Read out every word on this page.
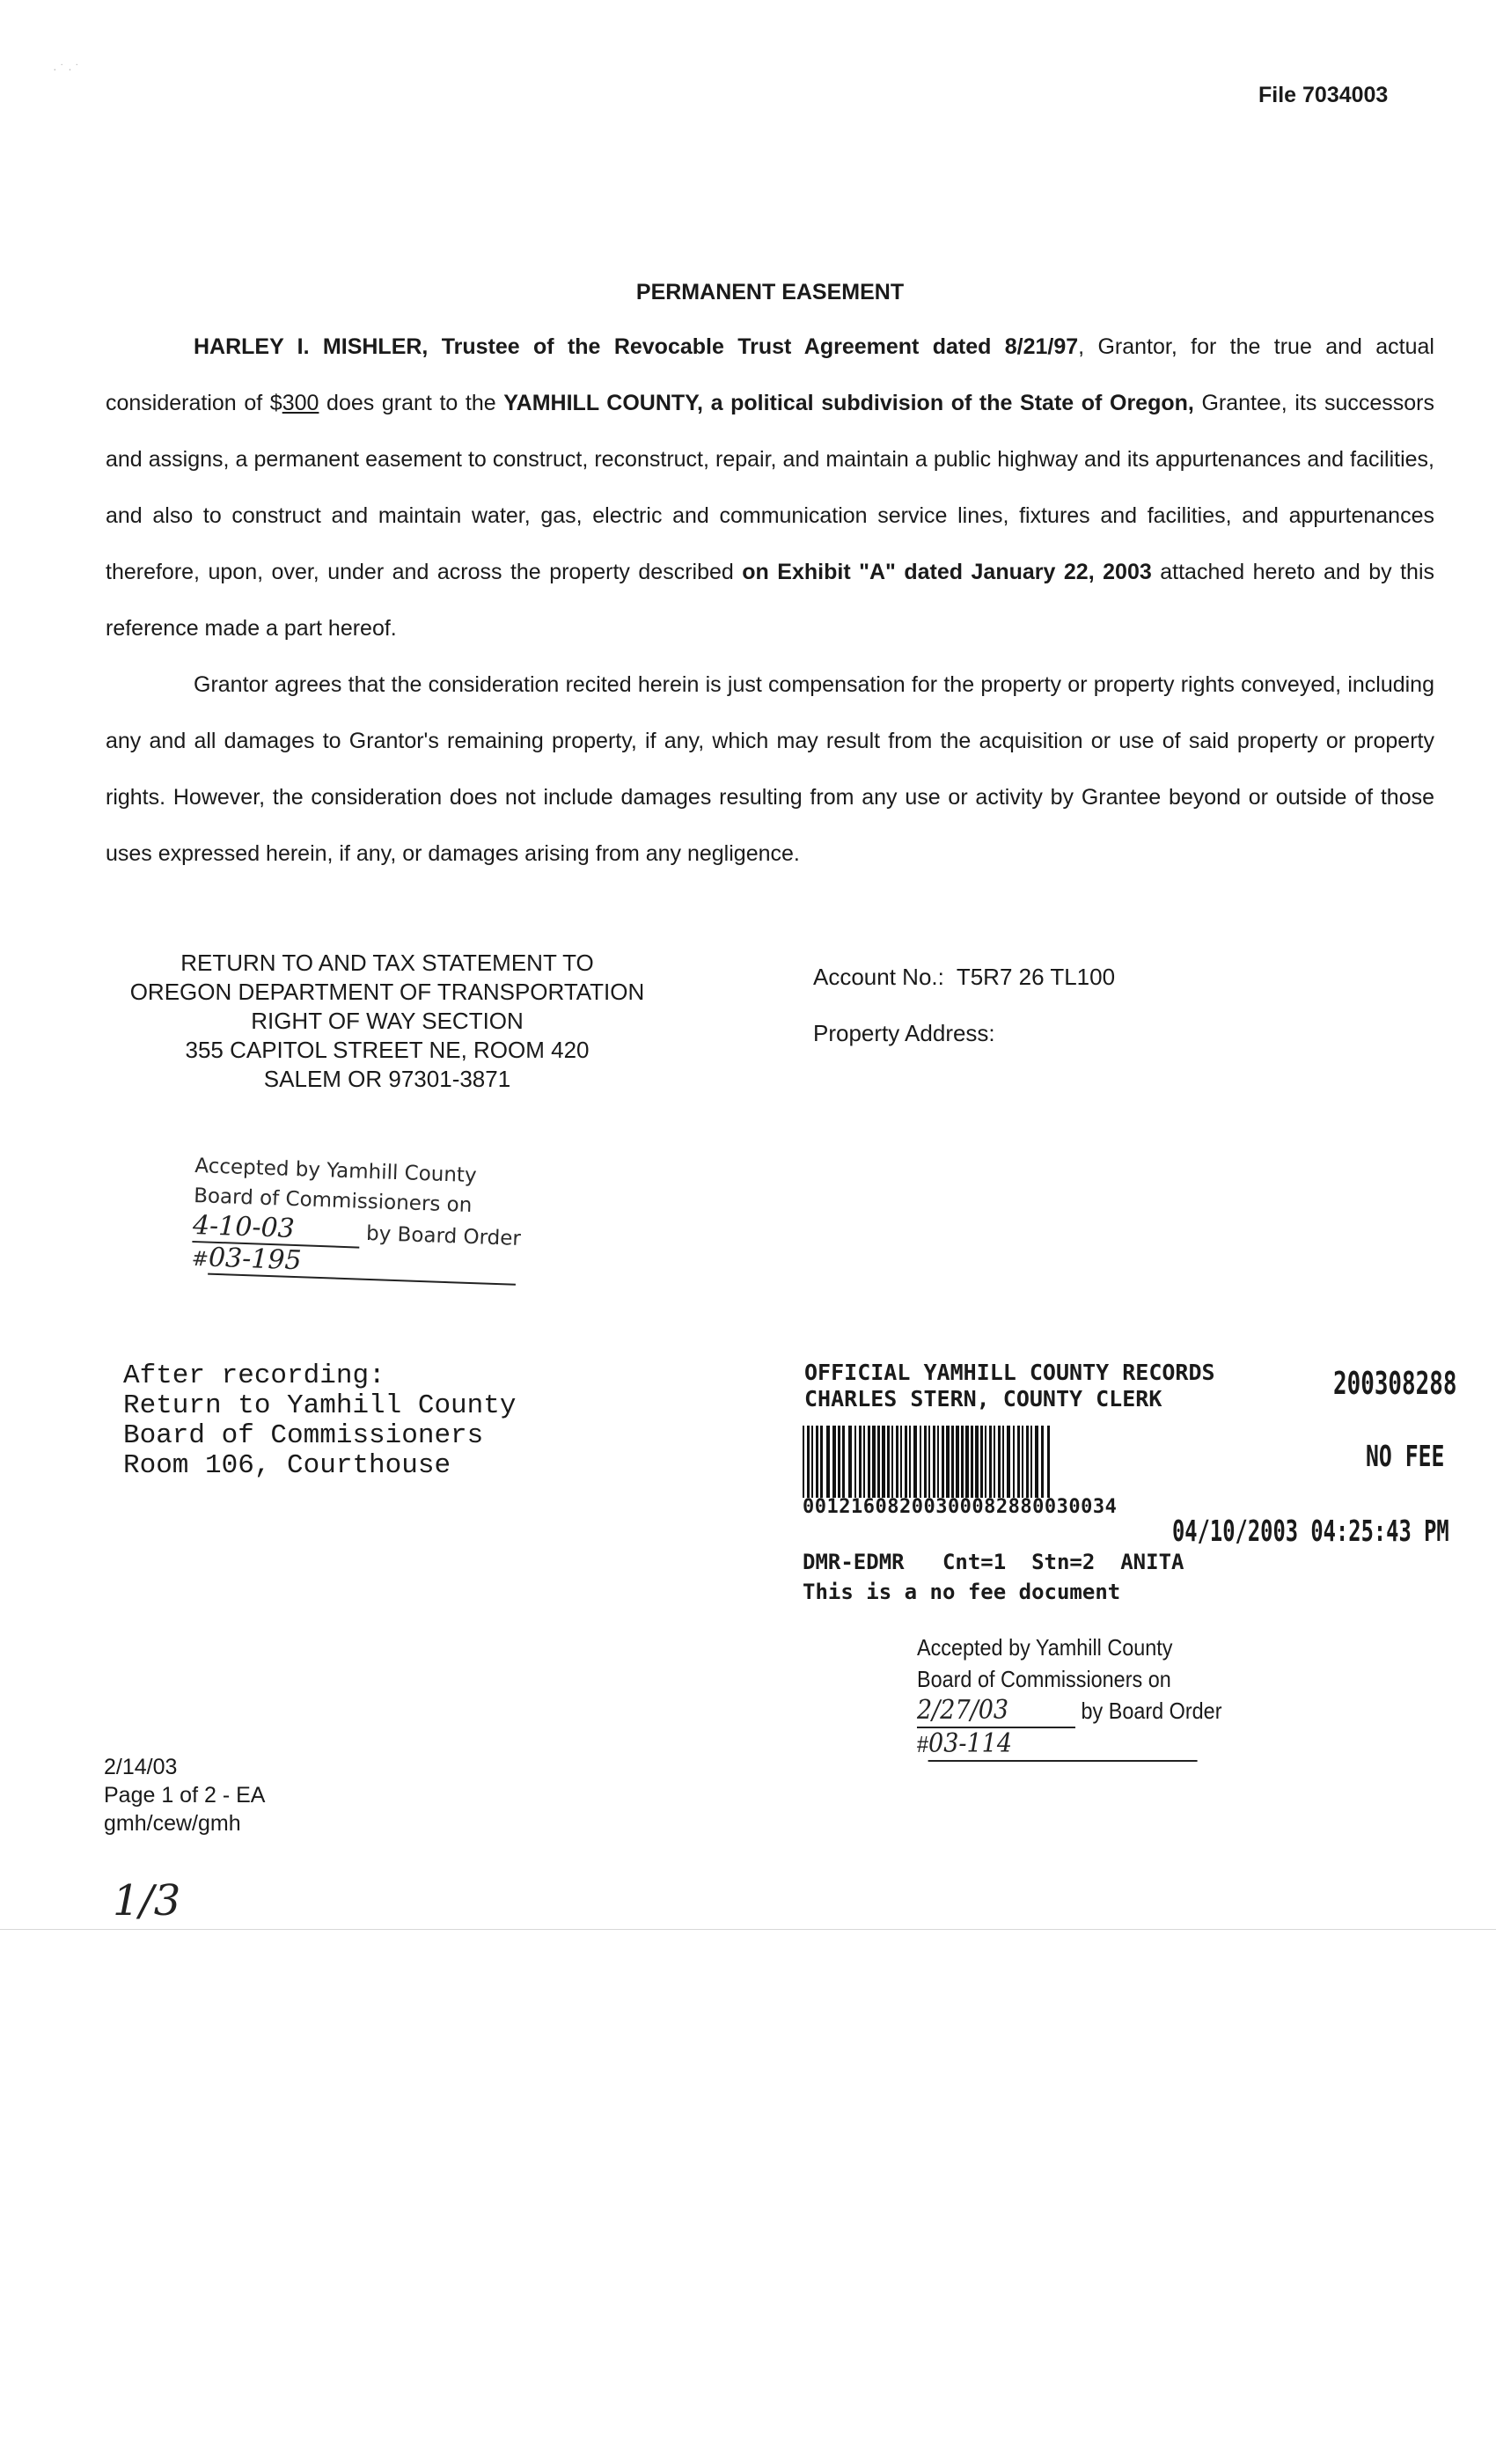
· ˙ · ˙
File 7034003
PERMANENT EASEMENT

HARLEY I. MISHLER, Trustee of the Revocable Trust Agreement dated 8/21/97, Grantor, for the true and actual consideration of $300 does grant to the YAMHILL COUNTY, a political subdivision of the State of Oregon, Grantee, its successors and assigns, a permanent easement to construct, reconstruct, repair, and maintain a public highway and its appurtenances and facilities, and also to construct and maintain water, gas, electric and communication service lines, fixtures and facilities, and appurtenances therefore, upon, over, under and across the property described on Exhibit "A" dated January 22, 2003 attached hereto and by this reference made a part hereof.

Grantor agrees that the consideration recited herein is just compensation for the property or property rights conveyed, including any and all damages to Grantor's remaining property, if any, which may result from the acquisition or use of said property or property rights. However, the consideration does not include damages resulting from any use or activity by Grantee beyond or outside of those uses expressed herein, if any, or damages arising from any negligence.

RETURN TO AND TAX STATEMENT TO
OREGON DEPARTMENT OF TRANSPORTATION
RIGHT OF WAY SECTION
355 CAPITOL STREET NE, ROOM 420
SALEM OR 97301-3871
Account No.: T5R7 26 TL100
Property Address:
Accepted by Yamhill County
Board of Commissioners on
4-10-03	by Board Order
#03-195
After recording:
Return to Yamhill County
Board of Commissioners
Room 106, Courthouse
OFFICIAL YAMHILL COUNTY RECORDS
CHARLES STERN, COUNTY CLERK	200308288
NO FEE
00121608200300082880030034
04/10/2003 04:25:43 PM
DMR-EDMR   Cnt=1  Stn=2  ANITA
This is a no fee document
Accepted by Yamhill County
Board of Commissioners on
2/27/03	by Board Order
#03-114
2/14/03
Page 1 of 2 - EA
gmh/cew/gmh
1/3
